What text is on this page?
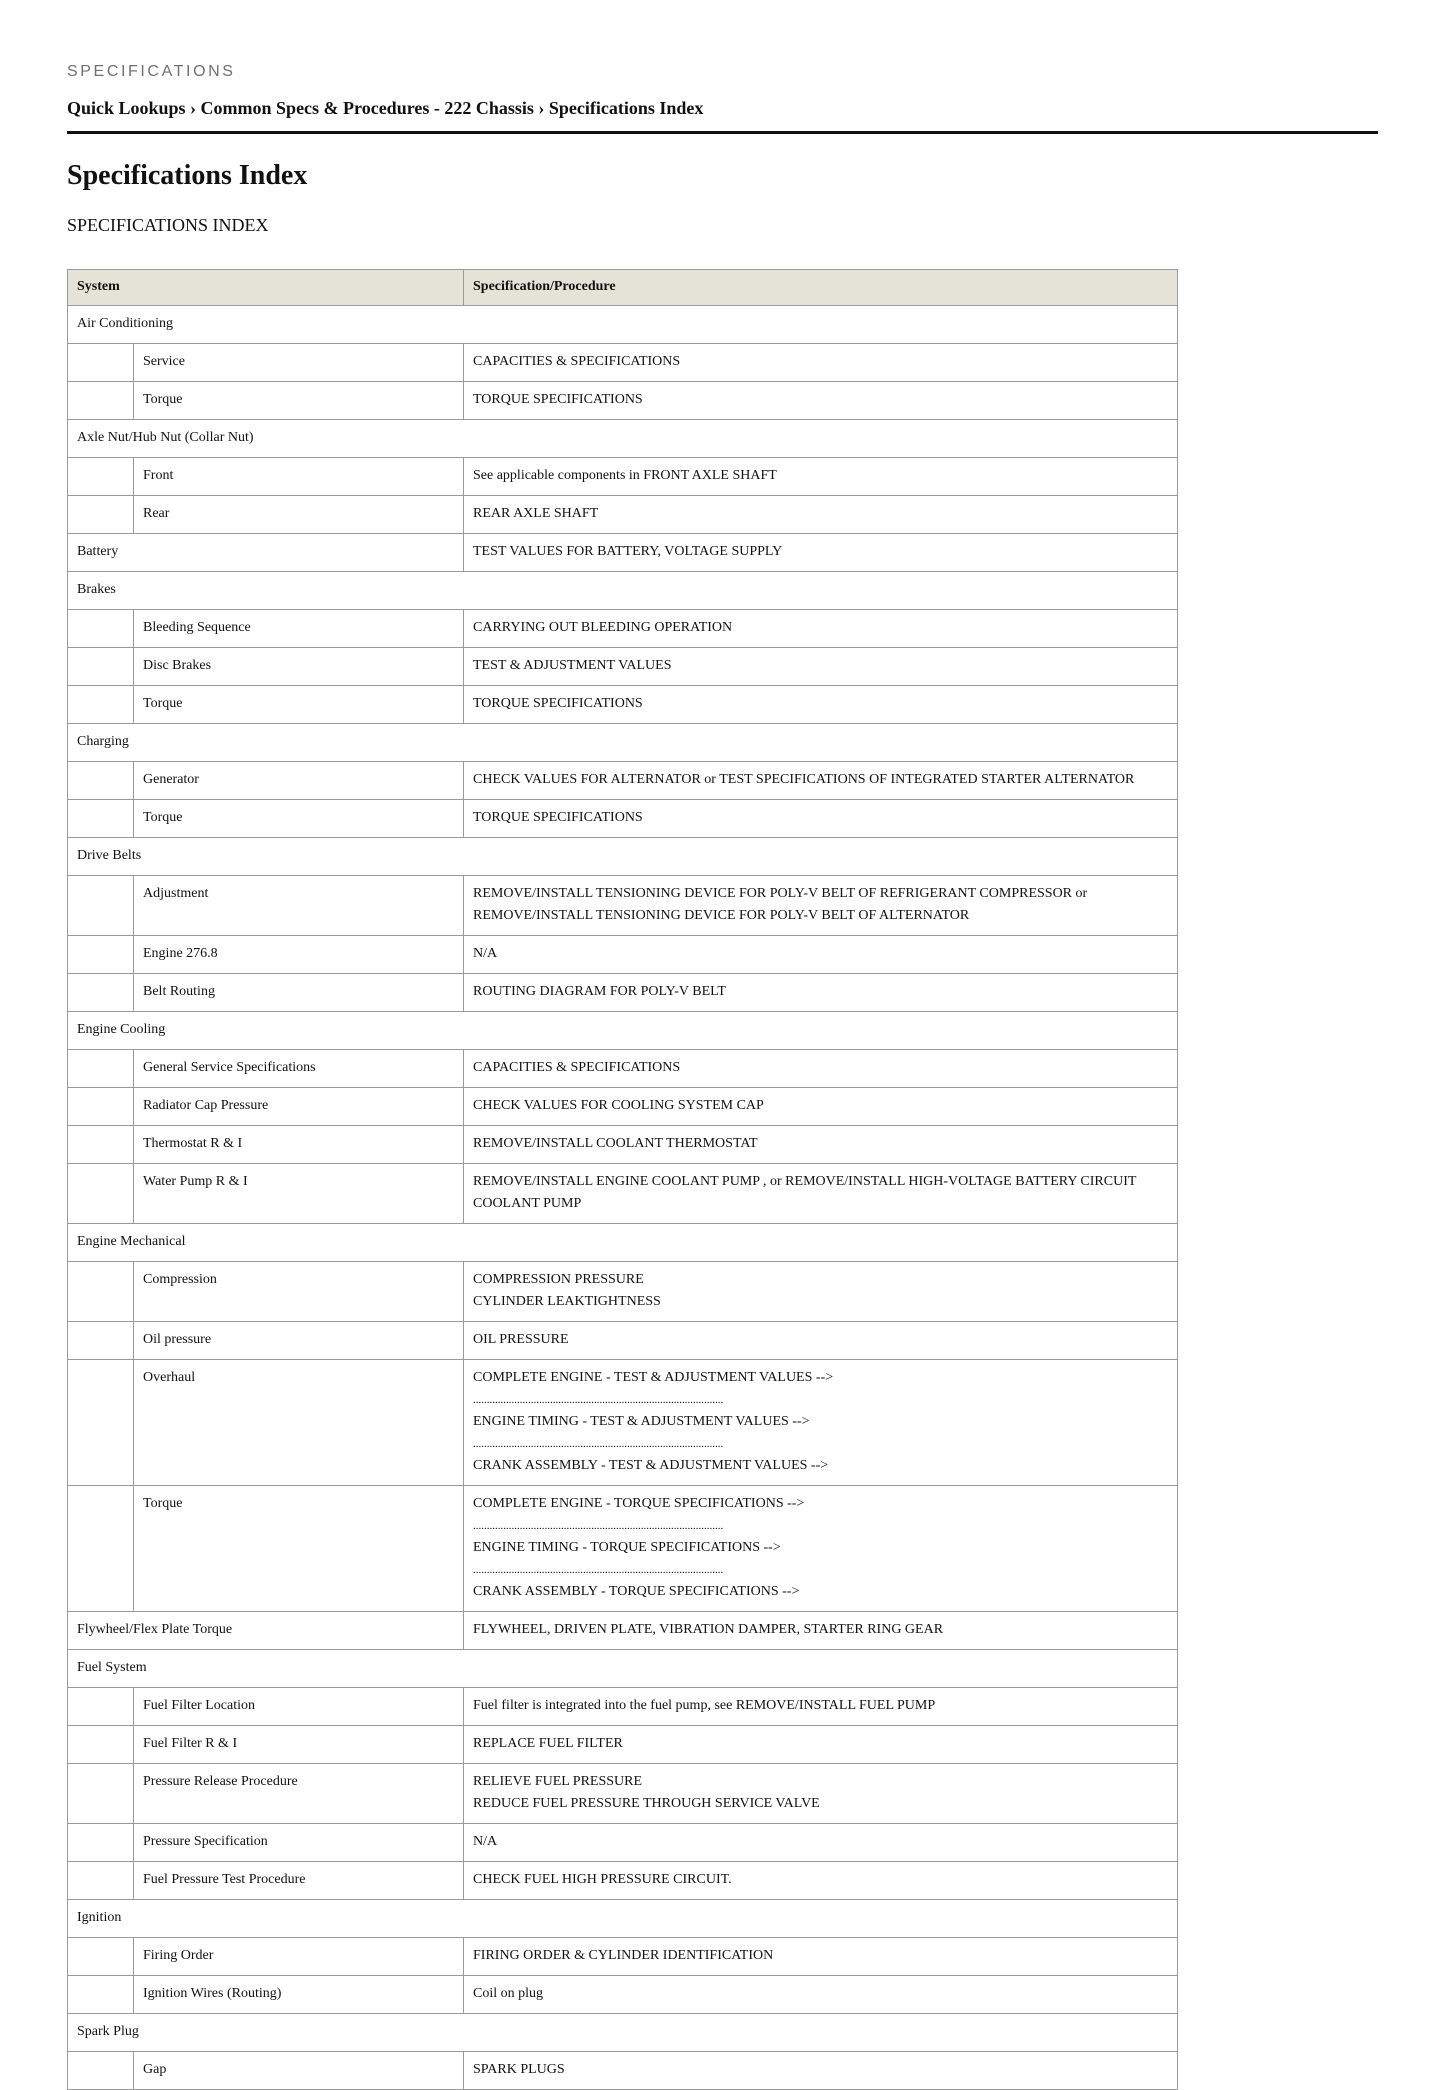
SPECIFICATIONS
Quick Lookups › Common Specs & Procedures - 222 Chassis › Specifications Index
Specifications Index
SPECIFICATIONS INDEX
System		Specification/Procedure
Air Conditioning		
	Service	CAPACITIES & SPECIFICATIONS

	Torque	TORQUE SPECIFICATIONS

Axle Nut/Hub Nut (Collar Nut)		
	Front	See applicable components in FRONT AXLE SHAFT

	Rear	REAR AXLE SHAFT

Battery		TEST VALUES FOR BATTERY, VOLTAGE SUPPLY

Brakes		
	Bleeding Sequence	CARRYING OUT BLEEDING OPERATION

	Disc Brakes	TEST & ADJUSTMENT VALUES

	Torque	TORQUE SPECIFICATIONS

Charging		
	Generator	CHECK VALUES FOR ALTERNATOR or TEST SPECIFICATIONS OF INTEGRATED STARTER ALTERNATOR

	Torque	TORQUE SPECIFICATIONS

Drive Belts		
	Adjustment	REMOVE/INSTALL TENSIONING DEVICE FOR POLY-V BELT OF REFRIGERANT COMPRESSOR or
REMOVE/INSTALL TENSIONING DEVICE FOR POLY-V BELT OF ALTERNATOR

	Engine 276.8	N/A

	Belt Routing	ROUTING DIAGRAM FOR POLY-V BELT

Engine Cooling		
	General Service Specifications	CAPACITIES & SPECIFICATIONS

	Radiator Cap Pressure	CHECK VALUES FOR COOLING SYSTEM CAP

	Thermostat R & I	REMOVE/INSTALL COOLANT THERMOSTAT

	Water Pump R & I	REMOVE/INSTALL ENGINE COOLANT PUMP , or REMOVE/INSTALL HIGH-VOLTAGE BATTERY CIRCUIT
COOLANT PUMP

Engine Mechanical		
	Compression	COMPRESSION PRESSURE
CYLINDER LEAKTIGHTNESS

	Oil pressure	OIL PRESSURE

	Overhaul	COMPLETE ENGINE - TEST & ADJUSTMENT VALUES -->
...........................................................................................
ENGINE TIMING - TEST & ADJUSTMENT VALUES -->
...........................................................................................
CRANK ASSEMBLY - TEST & ADJUSTMENT VALUES -->

	Torque	COMPLETE ENGINE - TORQUE SPECIFICATIONS -->
...........................................................................................
ENGINE TIMING - TORQUE SPECIFICATIONS -->
...........................................................................................
CRANK ASSEMBLY - TORQUE SPECIFICATIONS -->

Flywheel/Flex Plate Torque		FLYWHEEL, DRIVEN PLATE, VIBRATION DAMPER, STARTER RING GEAR

Fuel System		
	Fuel Filter Location	Fuel filter is integrated into the fuel pump, see REMOVE/INSTALL FUEL PUMP

	Fuel Filter R & I	REPLACE FUEL FILTER

	Pressure Release Procedure	RELIEVE FUEL PRESSURE
REDUCE FUEL PRESSURE THROUGH SERVICE VALVE

	Pressure Specification	N/A

	Fuel Pressure Test Procedure	CHECK FUEL HIGH PRESSURE CIRCUIT.

Ignition		
	Firing Order	FIRING ORDER & CYLINDER IDENTIFICATION

	Ignition Wires (Routing)	Coil on plug

Spark Plug		
	Gap	SPARK PLUGS
